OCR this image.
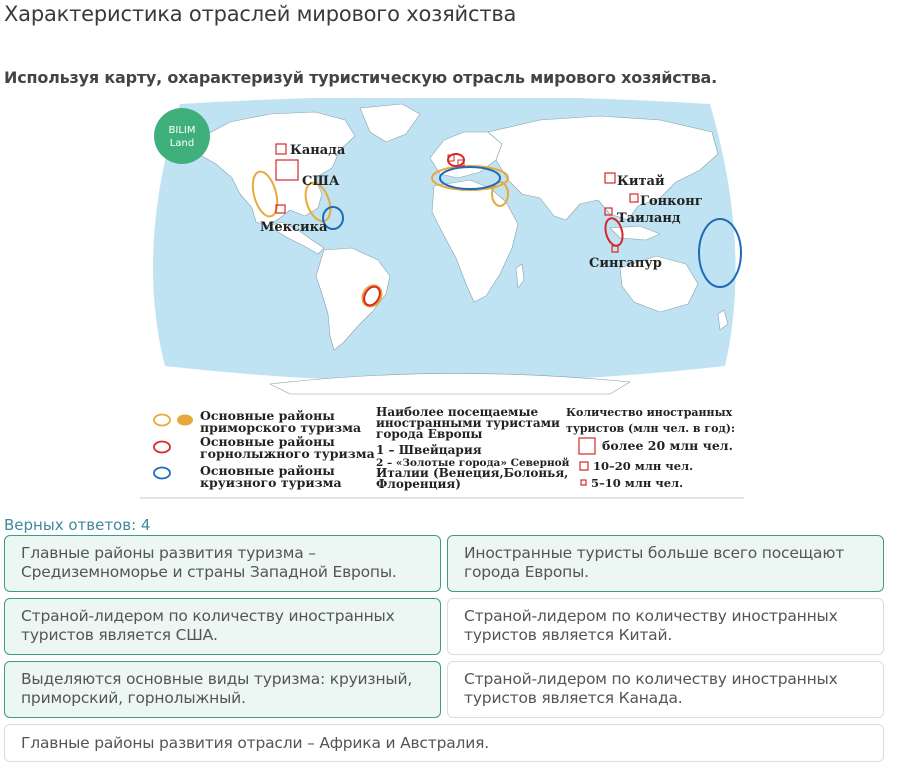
Характеристика отраслей мирового хозяйства
Используя карту, охарактеризуй туристическую отрасль мирового хозяйства.
BILIM
Land	Канада
США
Мексика
Китай
Гонконг
Таиланд
Сингапур
Основные районы
приморского туризма
Основные районы
горнолыжного туризма
Основные районы
круизного туризма
Наиболее посещаемые
иностранными туристами
города Европы
1 – Швейцария
2 – «Золотые города» Северной
Италии (Венеция,Болонья,
Флоренция)
Количество иностранных
туристов (млн чел. в год):
более 20 млн чел.
10–20 млн чел.
5–10 млн чел.
Верных ответов: 4
Главные районы развития туризма – Средиземноморье и страны Западной Европы.
Иностранные туристы больше всего посещают города Европы.
Страной-лидером по количеству иностранных туристов является США.
Страной-лидером по количеству иностранных туристов является Китай.
Выделяются основные виды туризма: круизный, приморский, горнолыжный.
Страной-лидером по количеству иностранных туристов является Канада.
Главные районы развития отрасли – Африка и Австралия.
